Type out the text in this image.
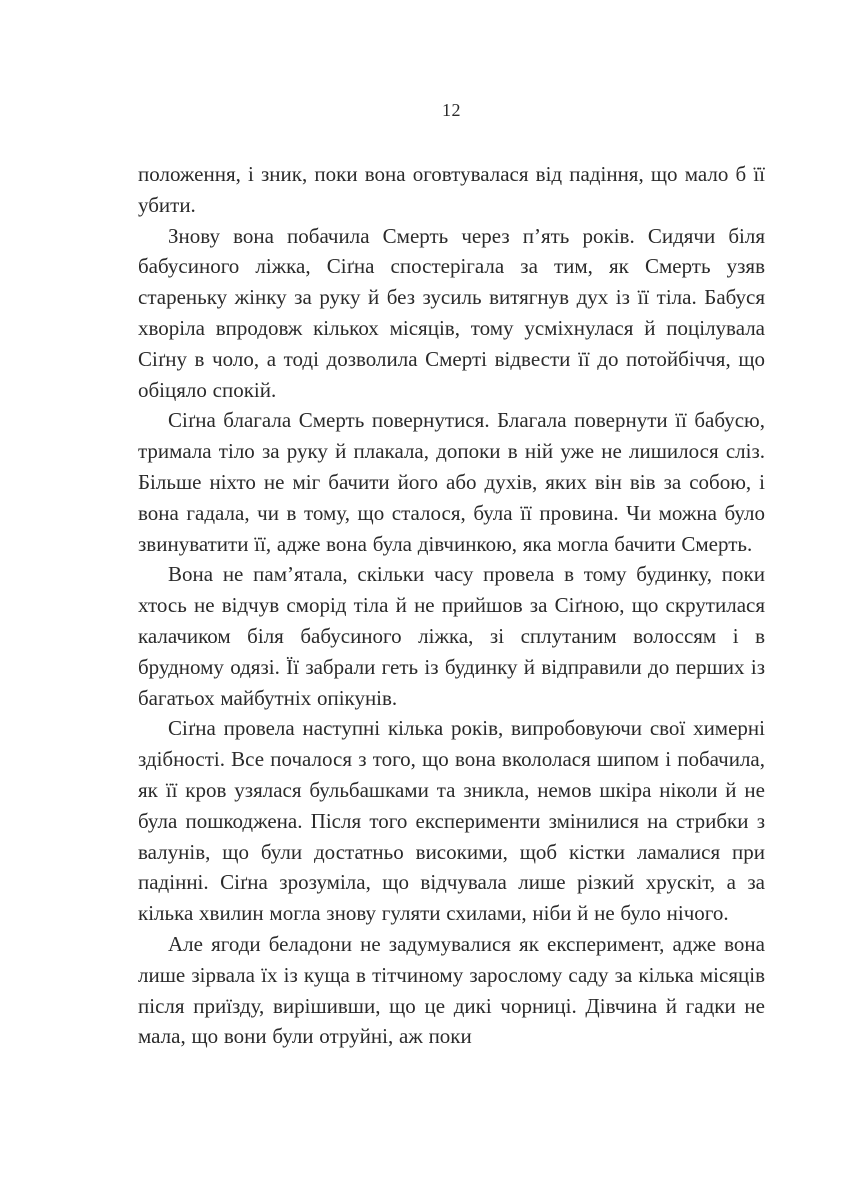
12

положення, і зник, поки вона оговтувалася від падіння, що мало б її убити.

Знову вона побачила Смерть через п’ять років. Сидячи біля бабусиного ліжка, Сіґна спостерігала за тим, як Смерть узяв стареньку жінку за руку й без зусиль витягнув дух із її тіла. Бабуся хворіла впродовж кількох місяців, тому усміхнулася й поцілувала Сіґну в чоло, а тоді дозволила Смерті відвести її до потойбіччя, що обіцяло спокій.

Сіґна благала Смерть повернутися. Благала повернути її бабусю, тримала тіло за руку й плакала, допоки в ній уже не лишилося сліз. Більше ніхто не міг бачити його або духів, яких він вів за собою, і вона гадала, чи в тому, що сталося, була її провина. Чи можна було звинуватити її, адже вона була дівчинкою, яка могла бачити Смерть.

Вона не пам’ятала, скільки часу провела в тому будинку, поки хтось не відчув сморід тіла й не прийшов за Сіґною, що скрутилася калачиком біля бабусиного ліжка, зі сплутаним волоссям і в брудному одязі. Її забрали геть із будинку й відправили до перших із багатьох майбутніх опікунів.

Сіґна провела наступні кілька років, випробовуючи свої химерні здібності. Все почалося з того, що вона вкололася шипом і побачила, як її кров узялася бульбашками та зникла, немов шкіра ніколи й не була пошкоджена. Після того експерименти змінилися на стрибки з валунів, що були достатньо високими, щоб кістки ламалися при падінні. Сіґна зрозуміла, що відчувала лише різкий хрускіт, а за кілька хвилин могла знову гуляти схилами, ніби й не було нічого.

Але ягоди беладони не задумувалися як експеримент, адже вона лише зірвала їх із куща в тітчиному зарослому саду за кілька місяців після приїзду, вирішивши, що це дикі чорниці. Дівчина й гадки не мала, що вони були отруйні, аж поки
